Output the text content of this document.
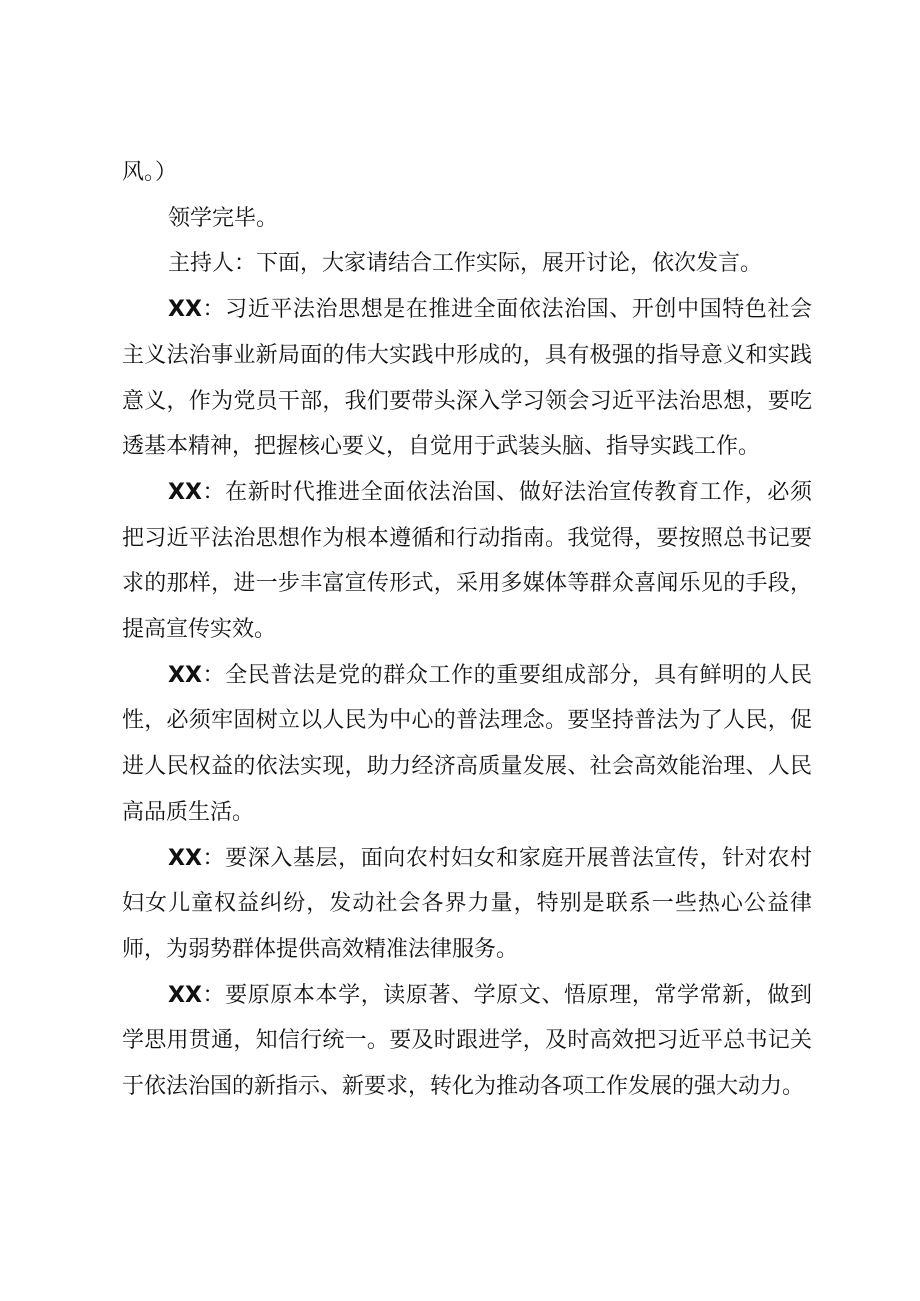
风。）

领学完毕。

主持人：下面，大家请结合工作实际，展开讨论，依次发言。

XX：习近平法治思想是在推进全面依法治国、开创中国特色社会主义法治事业新局面的伟大实践中形成的，具有极强的指导意义和实践意义，作为党员干部，我们要带头深入学习领会习近平法治思想，要吃透基本精神，把握核心要义，自觉用于武装头脑、指导实践工作。

XX：在新时代推进全面依法治国、做好法治宣传教育工作，必须把习近平法治思想作为根本遵循和行动指南。我觉得，要按照总书记要求的那样，进一步丰富宣传形式，采用多媒体等群众喜闻乐见的手段，提高宣传实效。

XX：全民普法是党的群众工作的重要组成部分，具有鲜明的人民性，必须牢固树立以人民为中心的普法理念。要坚持普法为了人民，促进人民权益的依法实现，助力经济高质量发展、社会高效能治理、人民高品质生活。

XX：要深入基层，面向农村妇女和家庭开展普法宣传，针对农村妇女儿童权益纠纷，发动社会各界力量，特别是联系一些热心公益律师，为弱势群体提供高效精准法律服务。

XX：要原原本本学，读原著、学原文、悟原理，常学常新，做到学思用贯通，知信行统一。要及时跟进学，及时高效把习近平总书记关于依法治国的新指示、新要求，转化为推动各项工作发展的强大动力。
